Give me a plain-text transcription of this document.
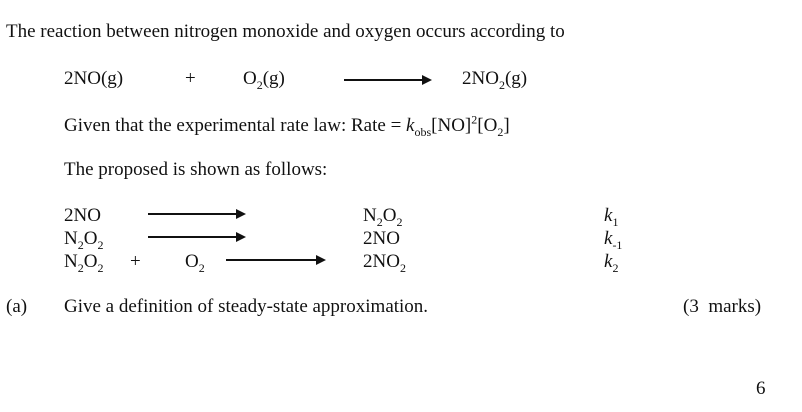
The reaction between nitrogen monoxide and oxygen occurs according to
2NO(g)	+ $O_2(g)$	$2NO_2(g)$
Given that the experimental rate law: Rate = $k_{obs}[NO]^2[O_2]$
The proposed is shown as follows:
2NO	$N_2O_2$	$k_1$
$N_2O_2$	2NO	$k_{-1}$
$N_2O_2 + O_2$	$2NO_2$	$k_2$
(a) Give a definition of steady-state approximation.	(3  marks)
6
